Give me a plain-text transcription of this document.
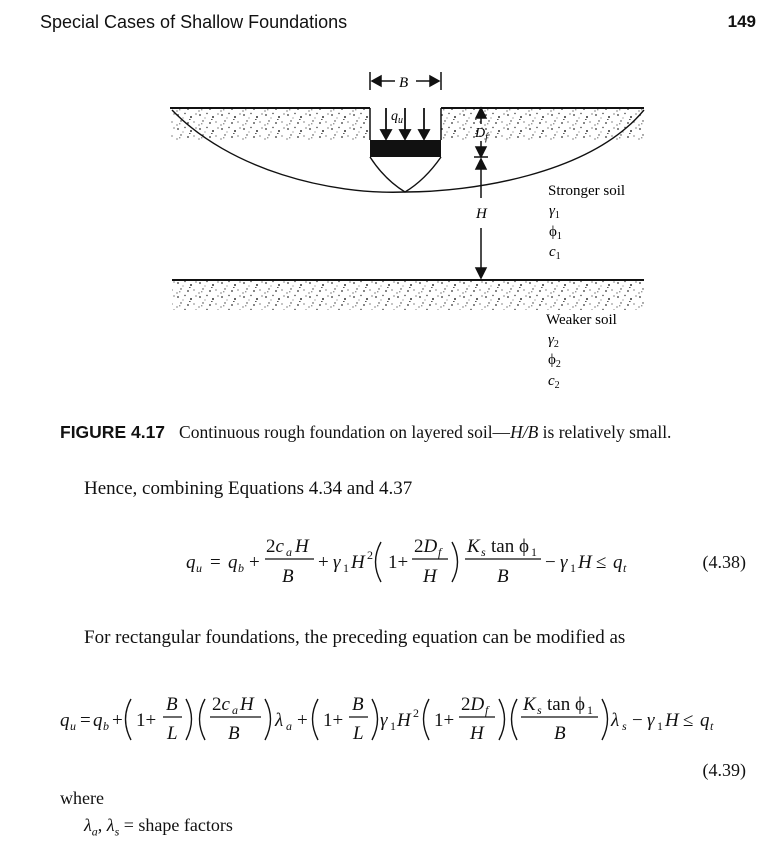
Special Cases of Shallow Foundations	149
$q_u$
B
$D_f$
H
Stronger soil
$\gamma_1$
$\phi_1$
$c_1$
Weaker soil
$\gamma_2$
$\phi_2$
$c_2$
FIGURE 4.17 Continuous rough foundation on layered soil—H/B is relatively small.
Hence, combining Equations 4.34 and 4.37
q u = q b +
2c a H
B
+ γ 1 H 2 1+
2D f
H
K s tan ϕ 1
B
− γ 1 H ≤ q t	(4.38)
For rectangular foundations, the preceding equation can be modified as
q u = q b + 1+
B
L
2c a H
B
λ a + 1+
B
L
γ 1 H 2 1+
2D f
H
K s tan ϕ 1
B
λ s − γ 1 H ≤ q t
(4.39)
where
$\lambda_a$, $\lambda_s$ = shape factors
